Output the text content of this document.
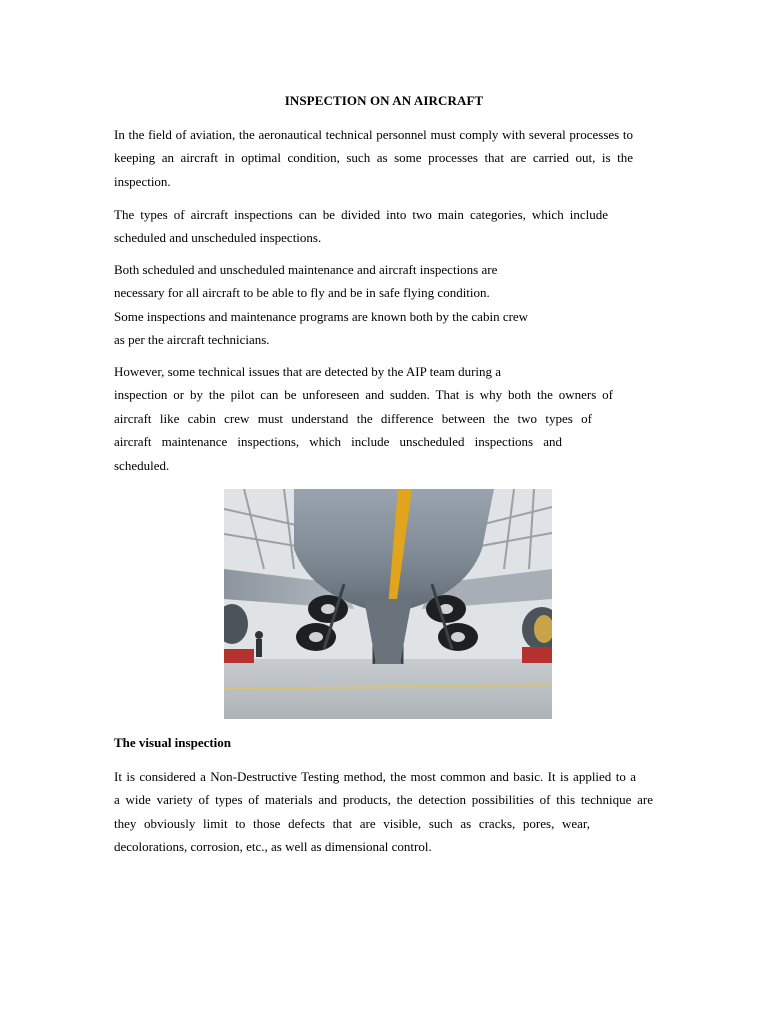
INSPECTION ON AN AIRCRAFT

In the field of aviation, the aeronautical technical personnel must comply with several processes to keeping an aircraft in optimal condition, such as some processes that are carried out, is the inspection.

The types of aircraft inspections can be divided into two main categories, which include scheduled and unscheduled inspections.

Both scheduled and unscheduled maintenance and aircraft inspections are
necessary for all aircraft to be able to fly and be in safe flying condition.
Some inspections and maintenance programs are known both by the cabin crew
as per the aircraft technicians.
However, some technical issues that are detected by the AIP team during a
inspection or by the pilot can be unforeseen and sudden. That is why both the owners of
aircraft like cabin crew must understand the difference between the two types of
aircraft maintenance inspections, which include unscheduled inspections and
scheduled.
The visual inspection
It is considered a Non-Destructive Testing method, the most common and basic. It is applied to a
a wide variety of types of materials and products, the detection possibilities of this technique are
they obviously limit to those defects that are visible, such as cracks, pores, wear,
decolorations, corrosion, etc., as well as dimensional control.
